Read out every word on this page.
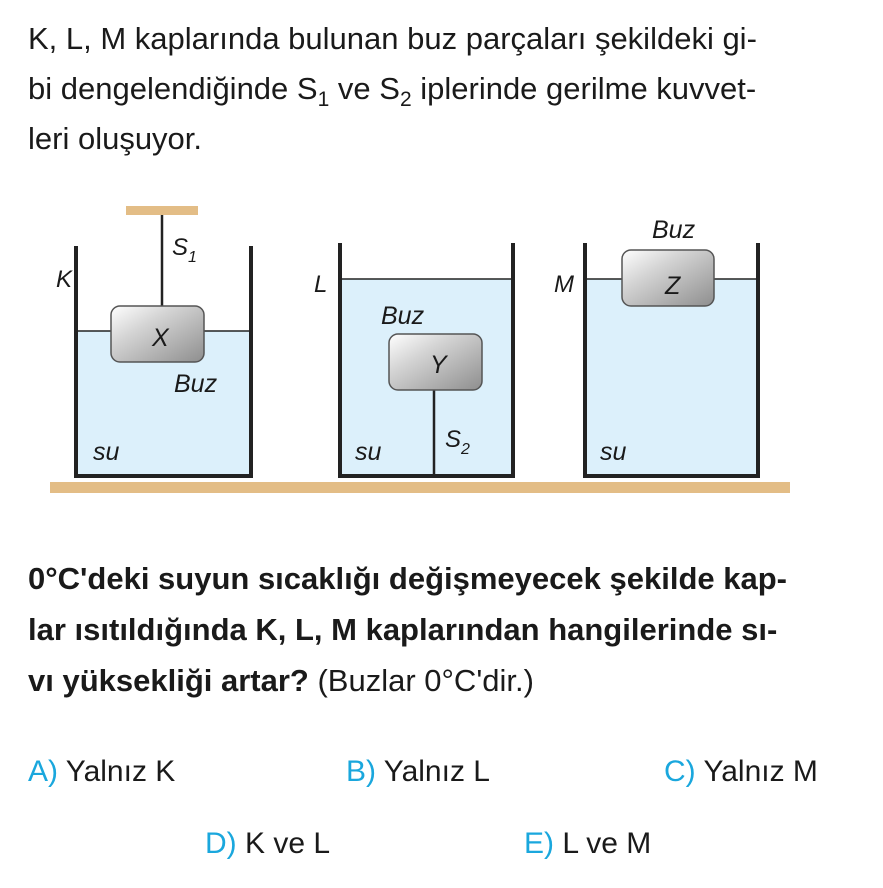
K, L, M kaplarında bulunan buz parçaları şekildeki gi-
bi dengelendiğinde $S_1$ ve $S_2$ iplerinde gerilme kuvvet-
leri oluşuyor.

K
X
$S_1$
Buz
su
L
Buz
Y
su	$S_2$
Buz
M	Z
su

0°C'deki suyun sıcaklığı değişmeyecek şekilde kap-
lar ısıtıldığında K, L, M kaplarından hangilerinde sı-
vı yüksekliği artar? (Buzlar 0°C'dir.)

A) Yalnız K	B) Yalnız L	C) Yalnız M
D) K ve L	E) L ve M
